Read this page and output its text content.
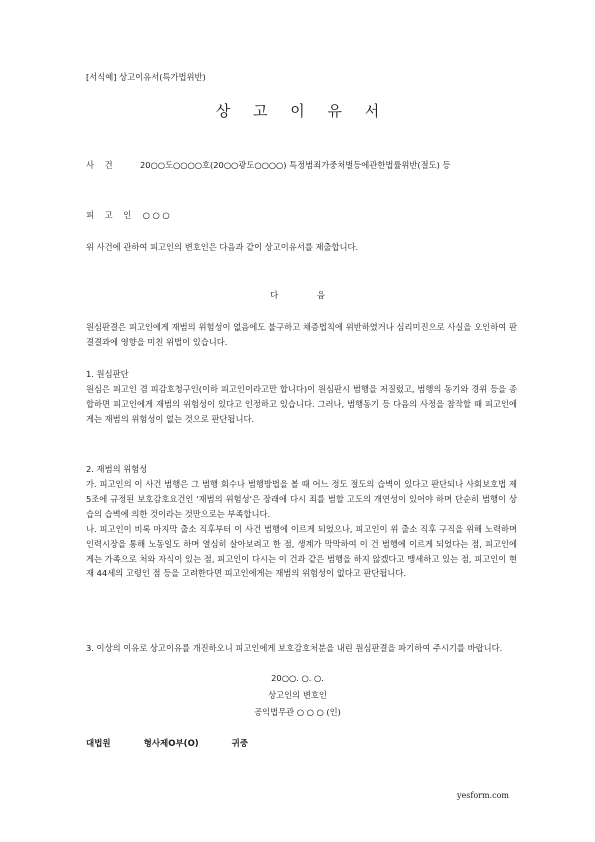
[서식예] 상고이유서(특가법위반)
상 고 이 유 서
사 건	20○○도○○○○호(20○○광도○○○○) 특정범죄가중처벌등에관한법률위반(절도) 등
피 고 인 ○ ○ ○
위 사건에 관하여 피고인의 변호인은 다음과 같이 상고이유서를 제출합니다.
다 음
원심판결은 피고인에게 재범의 위험성이 없음에도 불구하고 채증법칙에 위반하였거나 심리미진으로 사실을 오인하여 판결결과에 영향을 미친 위법이 있습니다.
1. 원심판단
원심은 피고인 겸 피감호청구인(이하 피고인이라고만 합니다)이 원심판시 범행을 저질렀고, 범행의 동기와 경위 등을 종합하면 피고인에게 재범의 위험성이 있다고 인정하고 있습니다. 그러나, 범행동기 등 다음의 사정을 참작할 때 피고인에게는 재범의 위험성이 없는 것으로 판단됩니다.
2. 재범의 위험성
가. 피고인의 이 사건 범행은 그 범행 회수나 범행방법을 볼 때 어느 정도 절도의 습벽이 있다고 판단되나 사회보호법 제5조에 규정된 보호감호요건인 '재범의 위험성'은 장래에 다시 죄를 범할 고도의 개연성이 있어야 하며 단순히 범행이 상습의 습벽에 의한 것이라는 것만으로는 부족합니다.
나. 피고인이 비록 마지막 출소 직후부터 이 사건 범행에 이르게 되었으나, 피고인이 위 출소 직후 구직을 위해 노력하며 인력시장을 통해 노동일도 하며 열심히 살아보려고 한 점, 생계가 막막하여 이 건 범행에 이르게 되었다는 점, 피고인에게는 가족으로 처와 자식이 있는 점, 피고인이 다시는 이 건과 같은 범행을 하지 않겠다고 맹세하고 있는 점, 피고인이 현재 44세의 고령인 점 등을 고려한다면 피고인에게는 재범의 위험성이 없다고 판단됩니다.
3. 이상의 이유로 상고이유를 개진하오니 피고인에게 보호감호처분을 내린 원심판결을 파기하여 주시기를 바랍니다.
20○○. ○. ○.
상고인의 변호인
공익법무관 ○ ○ ○ (인)
대법원	형사제O부(O)	귀중
yesform.com
